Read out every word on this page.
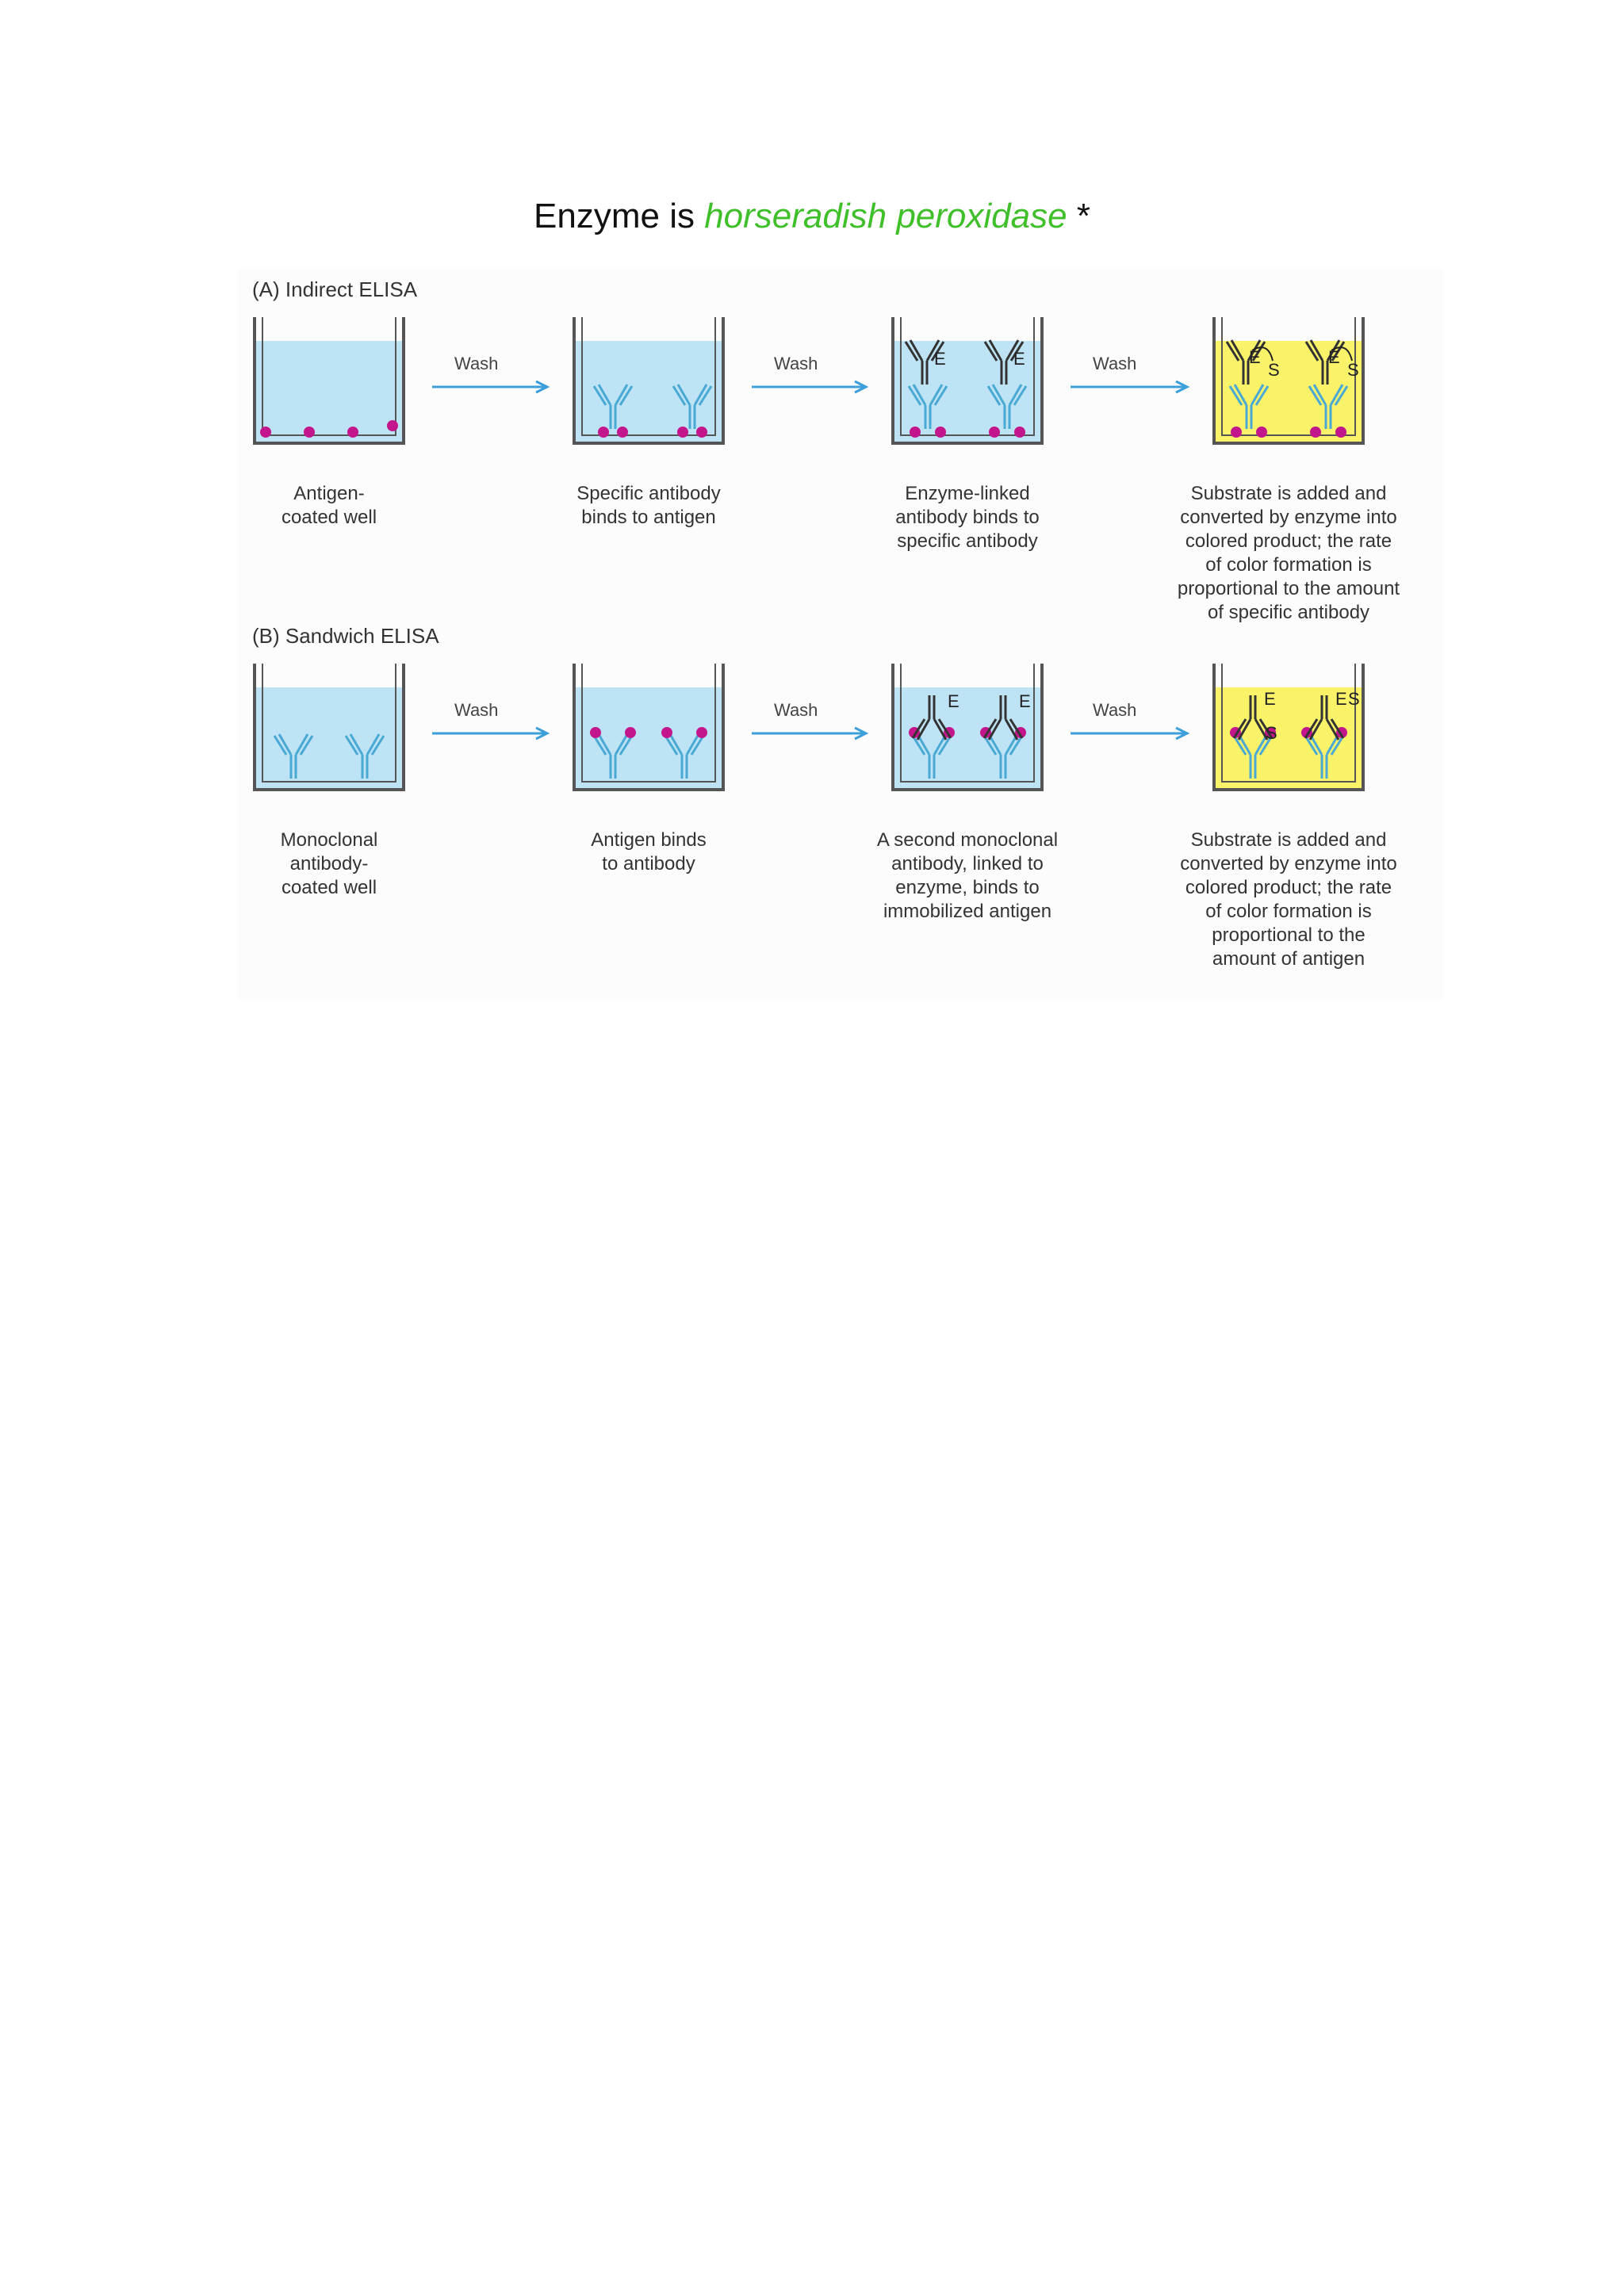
Enzyme is horseradish peroxidase *
(A) Indirect ELISA
(B) Sandwich ELISA
Antigen-
coated well
Wash
Specific antibody
binds to antigen
Wash	E	E
Enzyme-linked
antibody binds to
specific antibody
Wash	E
S
E
S
Substrate is added and
converted by enzyme into
colored product; the rate
of color formation is
proportional to the amount
of specific antibody
Monoclonal
antibody-
coated well
Wash
Antigen binds
to antibody
Wash	E	E
A second monoclonal
antibody, linked to
enzyme, binds to
immobilized antigen
Wash
E
S
E S
Substrate is added and
converted by enzyme into
colored product; the rate
of color formation is
proportional to the
amount of antigen
